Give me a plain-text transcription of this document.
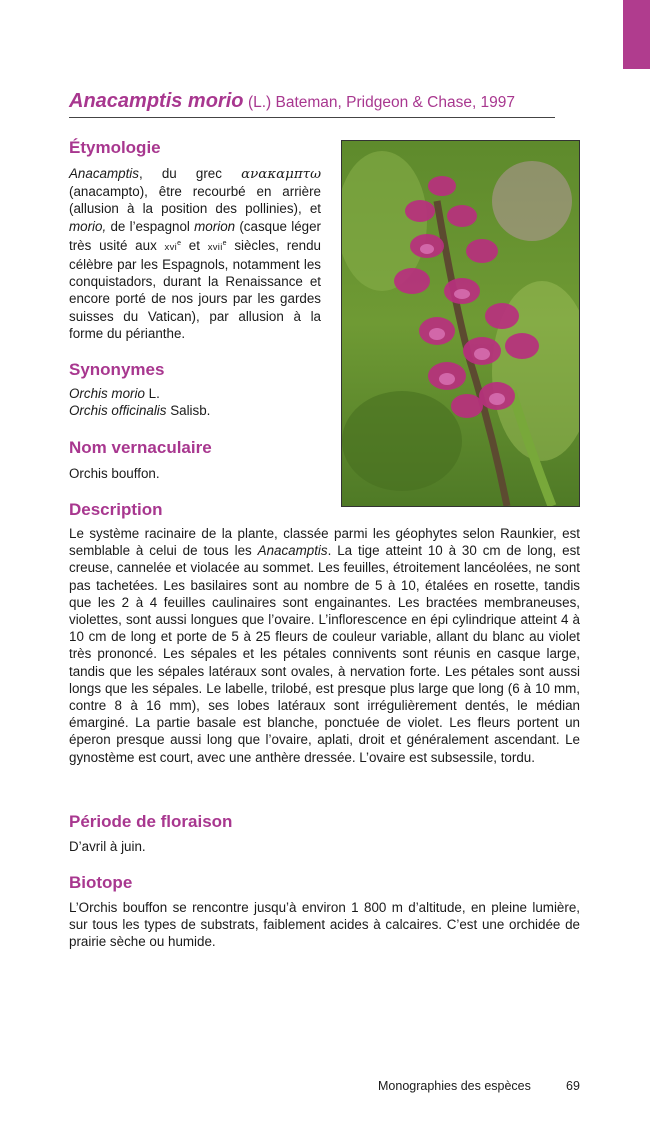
Anacamptis morio (L.) Bateman, Pridgeon & Chase, 1997
Étymologie

Anacamptis, du grec ανακαμπτω (anacampto), être recourbé en arrière (allusion à la position des pollinies), et morio, de l’espagnol morion (casque léger très usité aux xvi$^e$ et xvii$^e$ siècles, rendu célèbre par les Espagnols, notamment les conquistadors, durant la Renaissance et encore porté de nos jours par les gardes suisses du Vatican), par allusion à la forme du périanthe.

Synonymes

Orchis morio L.
Orchis officinalis Salisb.

Nom vernaculaire

Orchis bouffon.

Description

Le système racinaire de la plante, classée parmi les géophytes selon Raunkier, est semblable à celui de tous les Anacamptis. La tige atteint 10 à 30 cm de long, est creuse, cannelée et violacée au sommet. Les feuilles, étroitement lancéolées, ne sont pas tachetées. Les basilaires sont au nombre de 5 à 10, étalées en rosette, tandis que les 2 à 4 feuilles caulinaires sont engainantes. Les bractées membraneuses, violettes, sont aussi longues que l’ovaire. L’inflorescence en épi cylindrique atteint 4 à 10 cm de long et porte de 5 à 25 fleurs de couleur variable, allant du blanc au violet très prononcé. Les sépales et les pétales connivents sont réunis en casque large, tandis que les sépales latéraux sont ovales, à nervation forte. Les pétales sont aussi longs que les sépales. Le labelle, trilobé, est presque plus large que long (6 à 10 mm, contre 8 à 16 mm), ses lobes latéraux sont irrégulièrement dentés, le médian émarginé. La partie basale est blanche, ponctuée de violet. Les fleurs portent un éperon presque aussi long que l’ovaire, aplati, droit et généralement ascendant. Le gynostème est court, avec une anthère dressée. L’ovaire est subsessile, tordu.

Période de floraison

D’avril à juin.

Biotope

L’Orchis bouffon se rencontre jusqu’à environ 1 800 m d’altitude, en pleine lumière, sur tous les types de substrats, faiblement acides à calcaires. C’est une orchidée de prairie sèche ou humide.

Monographies des espèces	69
